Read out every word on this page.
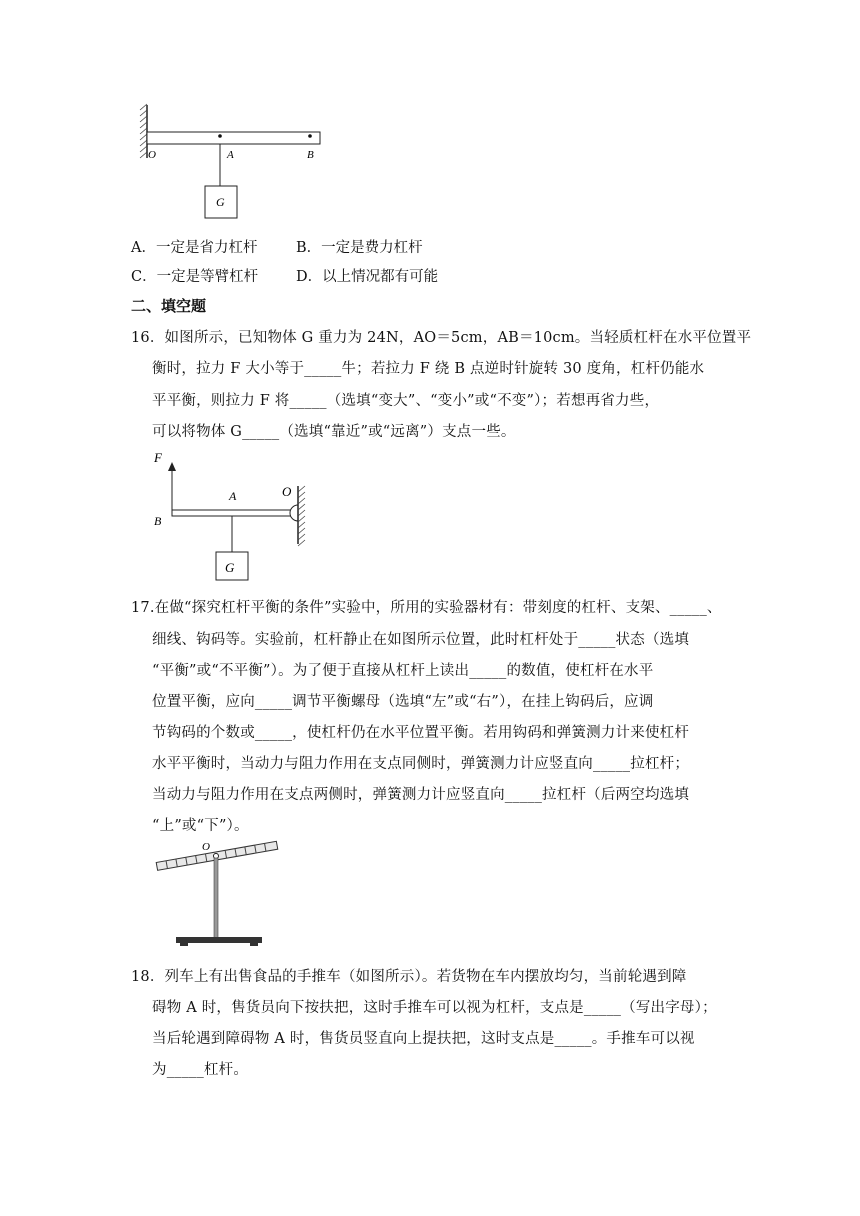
O	A	B
G
A．一定是省力杠杆	B．一定是费力杠杆
C．一定是等臂杠杆	D．以上情况都有可能
二、填空题
16．如图所示，已知物体 G 重力为 24N，AO＝5cm，AB＝10cm。当轻质杠杆在水平位置平
衡时，拉力 F 大小等于_____牛；若拉力 F 绕 B 点逆时针旋转 30 度角，杠杆仍能水
平平衡，则拉力 F 将_____（选填“变大”、“变小”或“不变”）；若想再省力些，
可以将物体 G_____（选填“靠近”或“远离”）支点一些。
F
A	O
B
G
17.在做“探究杠杆平衡的条件”实验中，所用的实验器材有：带刻度的杠杆、支架、_____、
细线、钩码等。实验前，杠杆静止在如图所示位置，此时杠杆处于_____状态（选填
“平衡”或“不平衡”）。为了便于直接从杠杆上读出_____的数值，使杠杆在水平
位置平衡，应向_____调节平衡螺母（选填“左”或“右”），在挂上钩码后，应调
节钩码的个数或_____，使杠杆仍在水平位置平衡。若用钩码和弹簧测力计来使杠杆
水平平衡时，当动力与阻力作用在支点同侧时，弹簧测力计应竖直向_____拉杠杆；
当动力与阻力作用在支点两侧时，弹簧测力计应竖直向_____拉杠杆（后两空均选填
“上”或“下”）。
O
18．列车上有出售食品的手推车（如图所示）。若货物在车内摆放均匀，当前轮遇到障
碍物 A 时，售货员向下按扶把，这时手推车可以视为杠杆，支点是_____（写出字母）；
当后轮遇到障碍物 A 时，售货员竖直向上提扶把，这时支点是_____。手推车可以视
为_____杠杆。
